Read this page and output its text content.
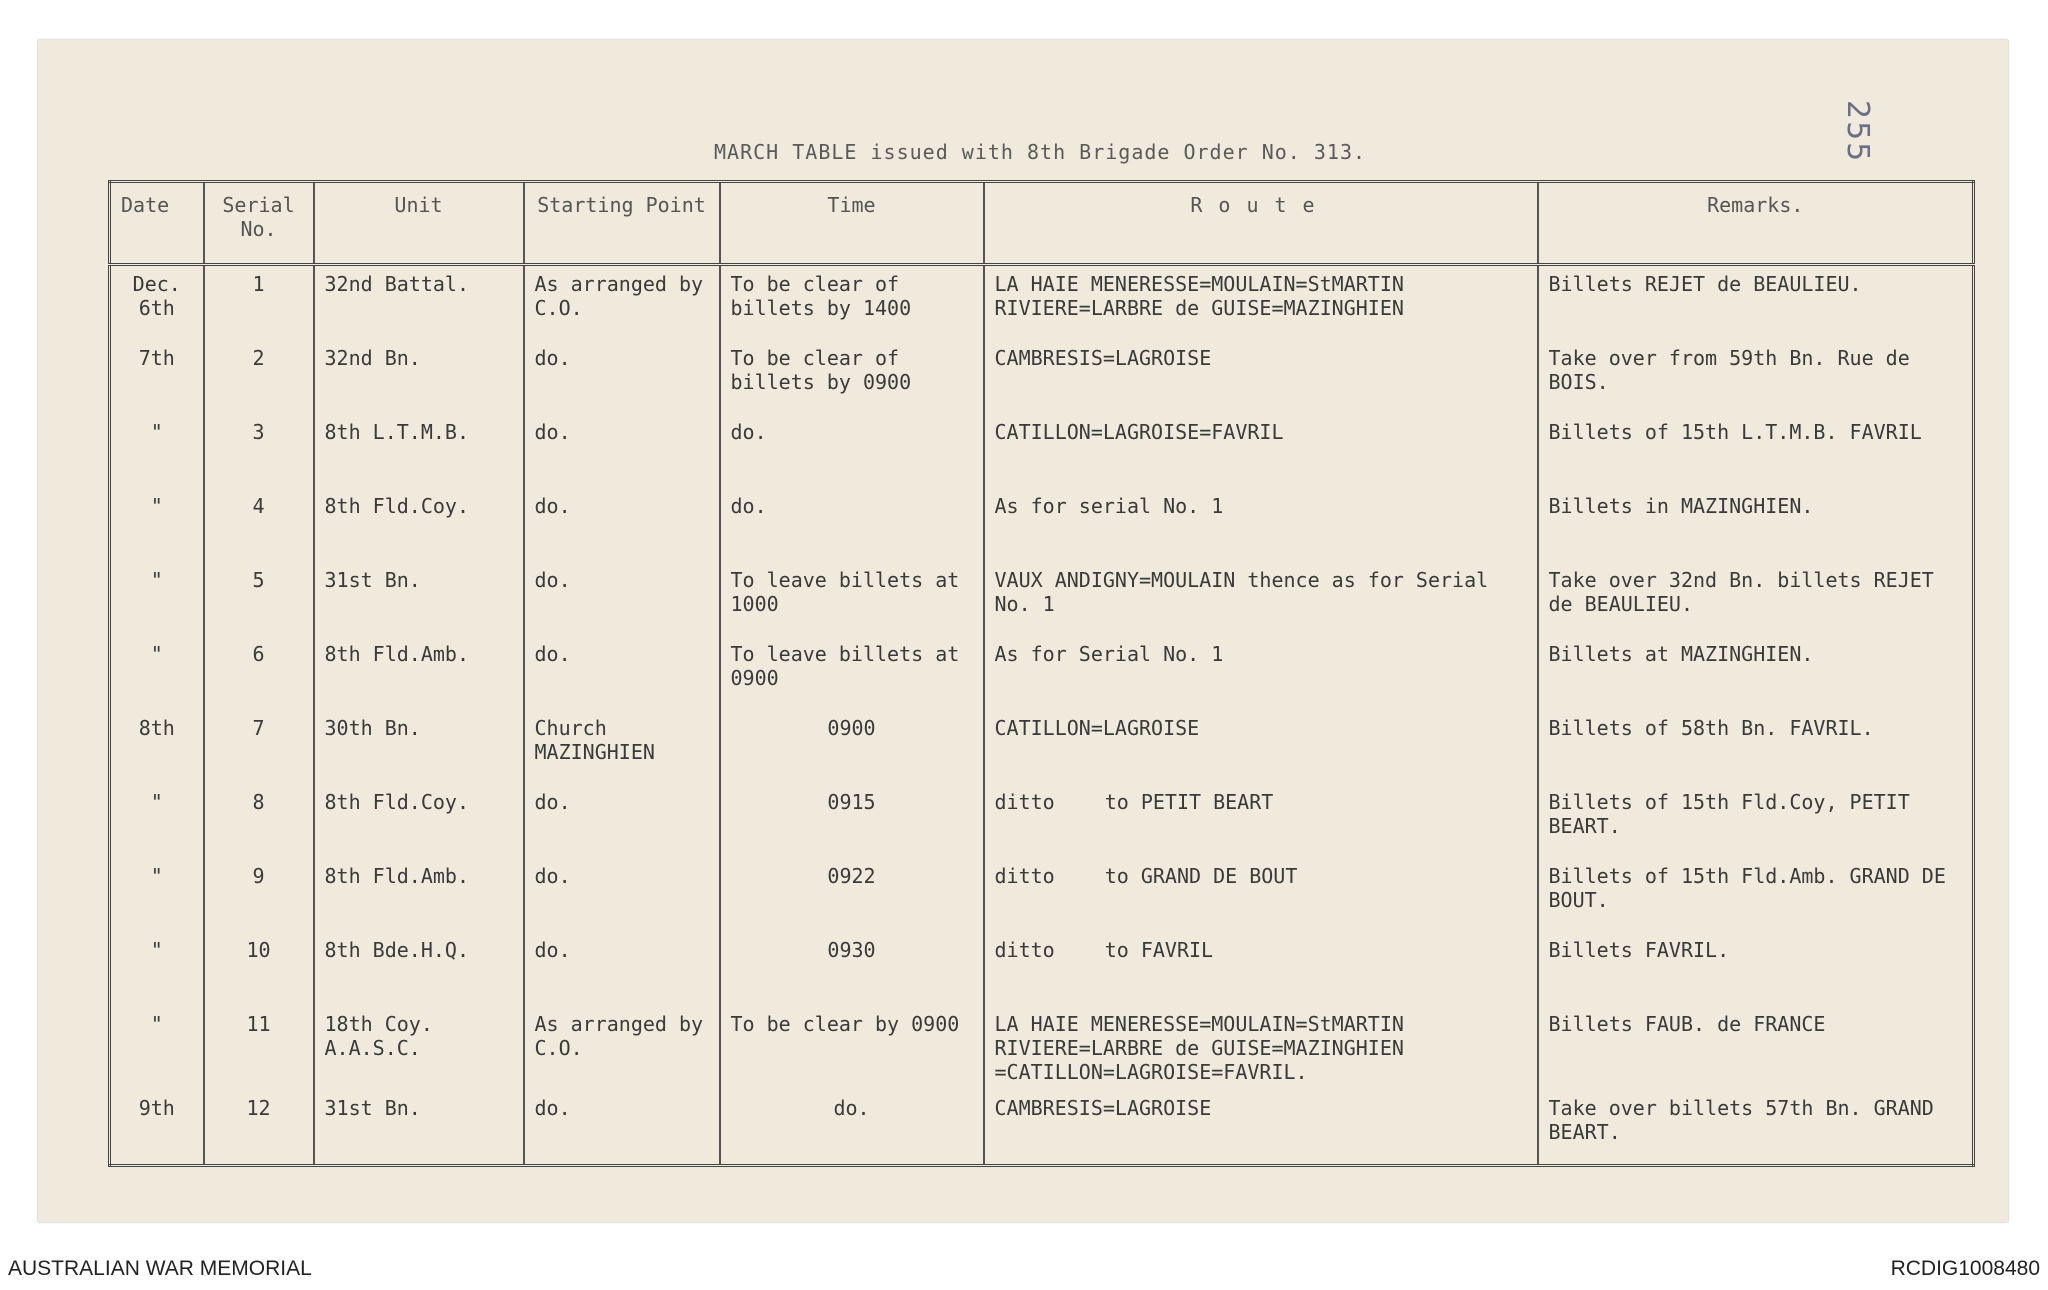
255
MARCH TABLE issued with 8th Brigade Order No. 313.
Date	Serial No.	Unit	Starting Point	Time	Route	Remarks.
Dec. 6th	1	32nd Battal.	As arranged by C.O.	To be clear of billets by 1400	LA HAIE MENERESSE=MOULAIN=StMARTIN RIVIERE=LARBRE de GUISE=MAZINGHIEN	Billets REJET de BEAULIEU.
7th	2	32nd Bn.	do.	To be clear of billets by 0900	CAMBRESIS=LAGROISE	Take over from 59th Bn. Rue de BOIS.
"	3	8th L.T.M.B.	do.	do.	CATILLON=LAGROISE=FAVRIL	Billets of 15th L.T.M.B. FAVRIL
"	4	8th Fld.Coy.	do.	do.	As for serial No. 1	Billets in MAZINGHIEN.
"	5	31st Bn.	do.	To leave billets at 1000	VAUX ANDIGNY=MOULAIN thence as for Serial No. 1	Take over 32nd Bn. billets REJET de BEAULIEU.
"	6	8th Fld.Amb.	do.	To leave billets at 0900	As for Serial No. 1	Billets at MAZINGHIEN.
8th	7	30th Bn.	Church MAZINGHIEN	0900	CATILLON=LAGROISE	Billets of 58th Bn. FAVRIL.
"	8	8th Fld.Coy.	do.	0915	ditto to PETIT BEART	Billets of 15th Fld.Coy, PETIT BEART.
"	9	8th Fld.Amb.	do.	0922	ditto to GRAND DE BOUT	Billets of 15th Fld.Amb. GRAND DE BOUT.
"	10	8th Bde.H.Q.	do.	0930	ditto to FAVRIL	Billets FAVRIL.
"	11	18th Coy. A.A.S.C.	As arranged by C.O.	To be clear by 0900	LA HAIE MENERESSE=MOULAIN=StMARTIN RIVIERE=LARBRE de GUISE=MAZINGHIEN =CATILLON=LAGROISE=FAVRIL.	Billets FAUB. de FRANCE
9th	12	31st Bn.	do.	do.	CAMBRESIS=LAGROISE	Take over billets 57th Bn. GRAND BEART.
AUSTRALIAN WAR MEMORIAL	RCDIG1008480
